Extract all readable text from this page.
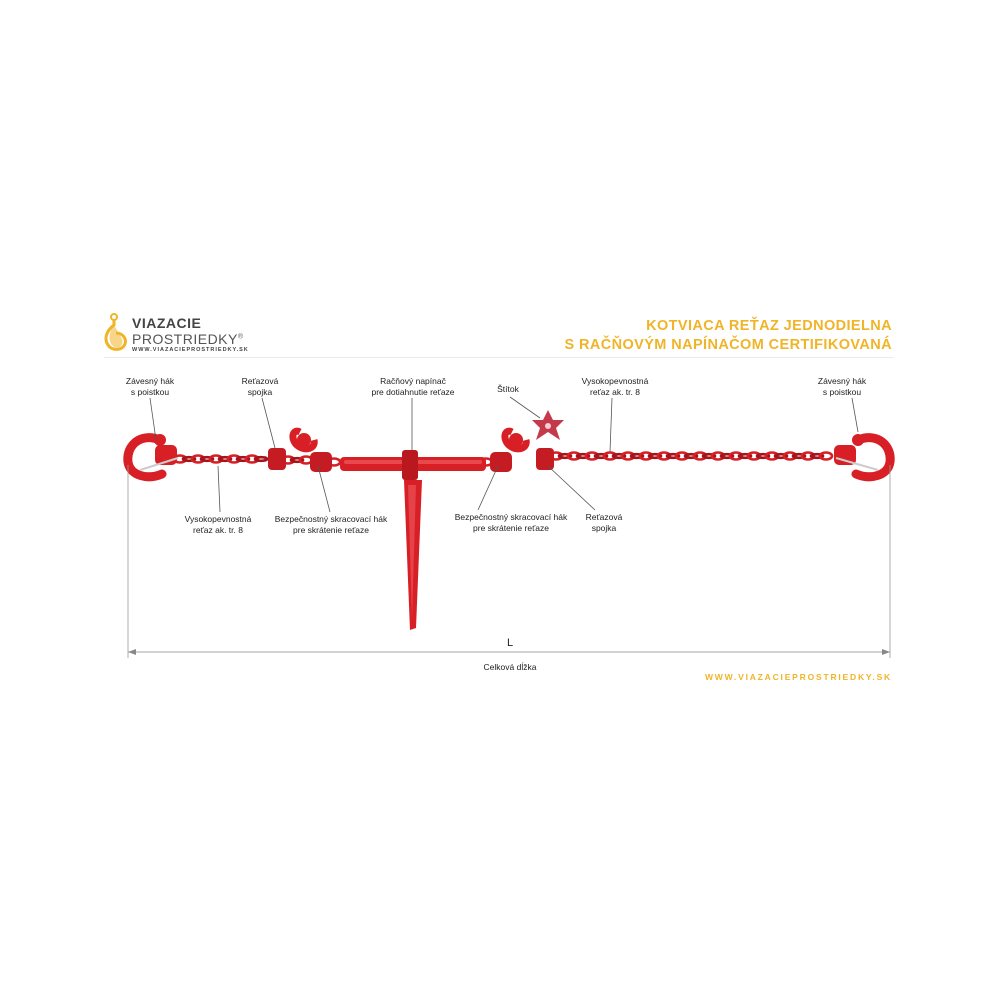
VIAZACIE
PROSTRIEDKY®
WWW.VIAZACIEPROSTRIEDKY.SK
KOTVIACA REŤAZ JEDNODIELNA
S RAČŇOVÝM NAPÍNAČOM CERTIFIKOVANÁ
Závesný hák
s poistkou
Reťazová
spojka
Račňový napínač
pre dotiahnutie reťaze	Štítok
Vysokopevnostná
reťaz ak. tr. 8
Závesný hák
s poistkou
Vysokopevnostná
reťaz ak. tr. 8
Bezpečnostný skracovací hák
pre skrátenie reťaze
Bezpečnostný skracovací hák
pre skrátenie reťaze
Reťazová
spojka
L
Celková dĺžka
WWW.VIAZACIEPROSTRIEDKY.SK
